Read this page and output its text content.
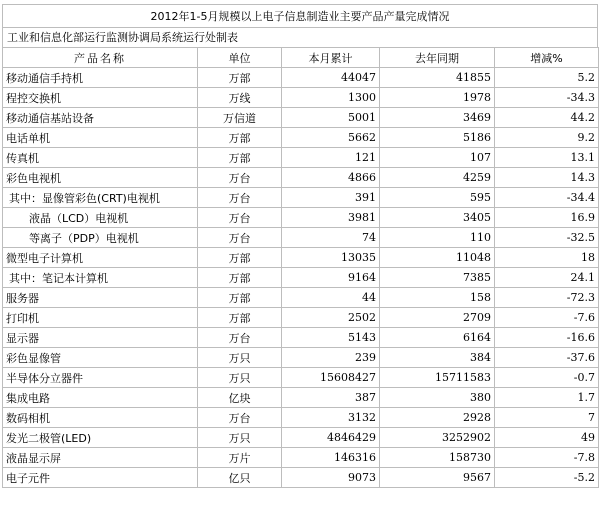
2012年1-5月规模以上电子信息制造业主要产品产量完成情况
工业和信息化部运行监测协调局系统运行处制表
产品名称	单位	本月累计	去年同期	增减%
移动通信手持机	万部	44047	41855	5.2
程控交换机	万线	1300	1978	-34.3
移动通信基站设备	万信道	5001	3469	44.2
电话单机	万部	5662	5186	9.2
传真机	万部	121	107	13.1
彩色电视机	万台	4866	4259	14.3
其中：显像管彩色(CRT)电视机	万台	391	595	-34.4
液晶（LCD）电视机	万台	3981	3405	16.9
等离子（PDP）电视机	万台	74	110	-32.5
微型电子计算机	万部	13035	11048	18
其中：笔记本计算机	万部	9164	7385	24.1
服务器	万部	44	158	-72.3
打印机	万部	2502	2709	-7.6
显示器	万台	5143	6164	-16.6
彩色显像管	万只	239	384	-37.6
半导体分立器件	万只	15608427	15711583	-0.7
集成电路	亿块	387	380	1.7
数码相机	万台	3132	2928	7
发光二极管(LED)	万只	4846429	3252902	49
液晶显示屏	万片	146316	158730	-7.8
电子元件	亿只	9073	9567	-5.2
